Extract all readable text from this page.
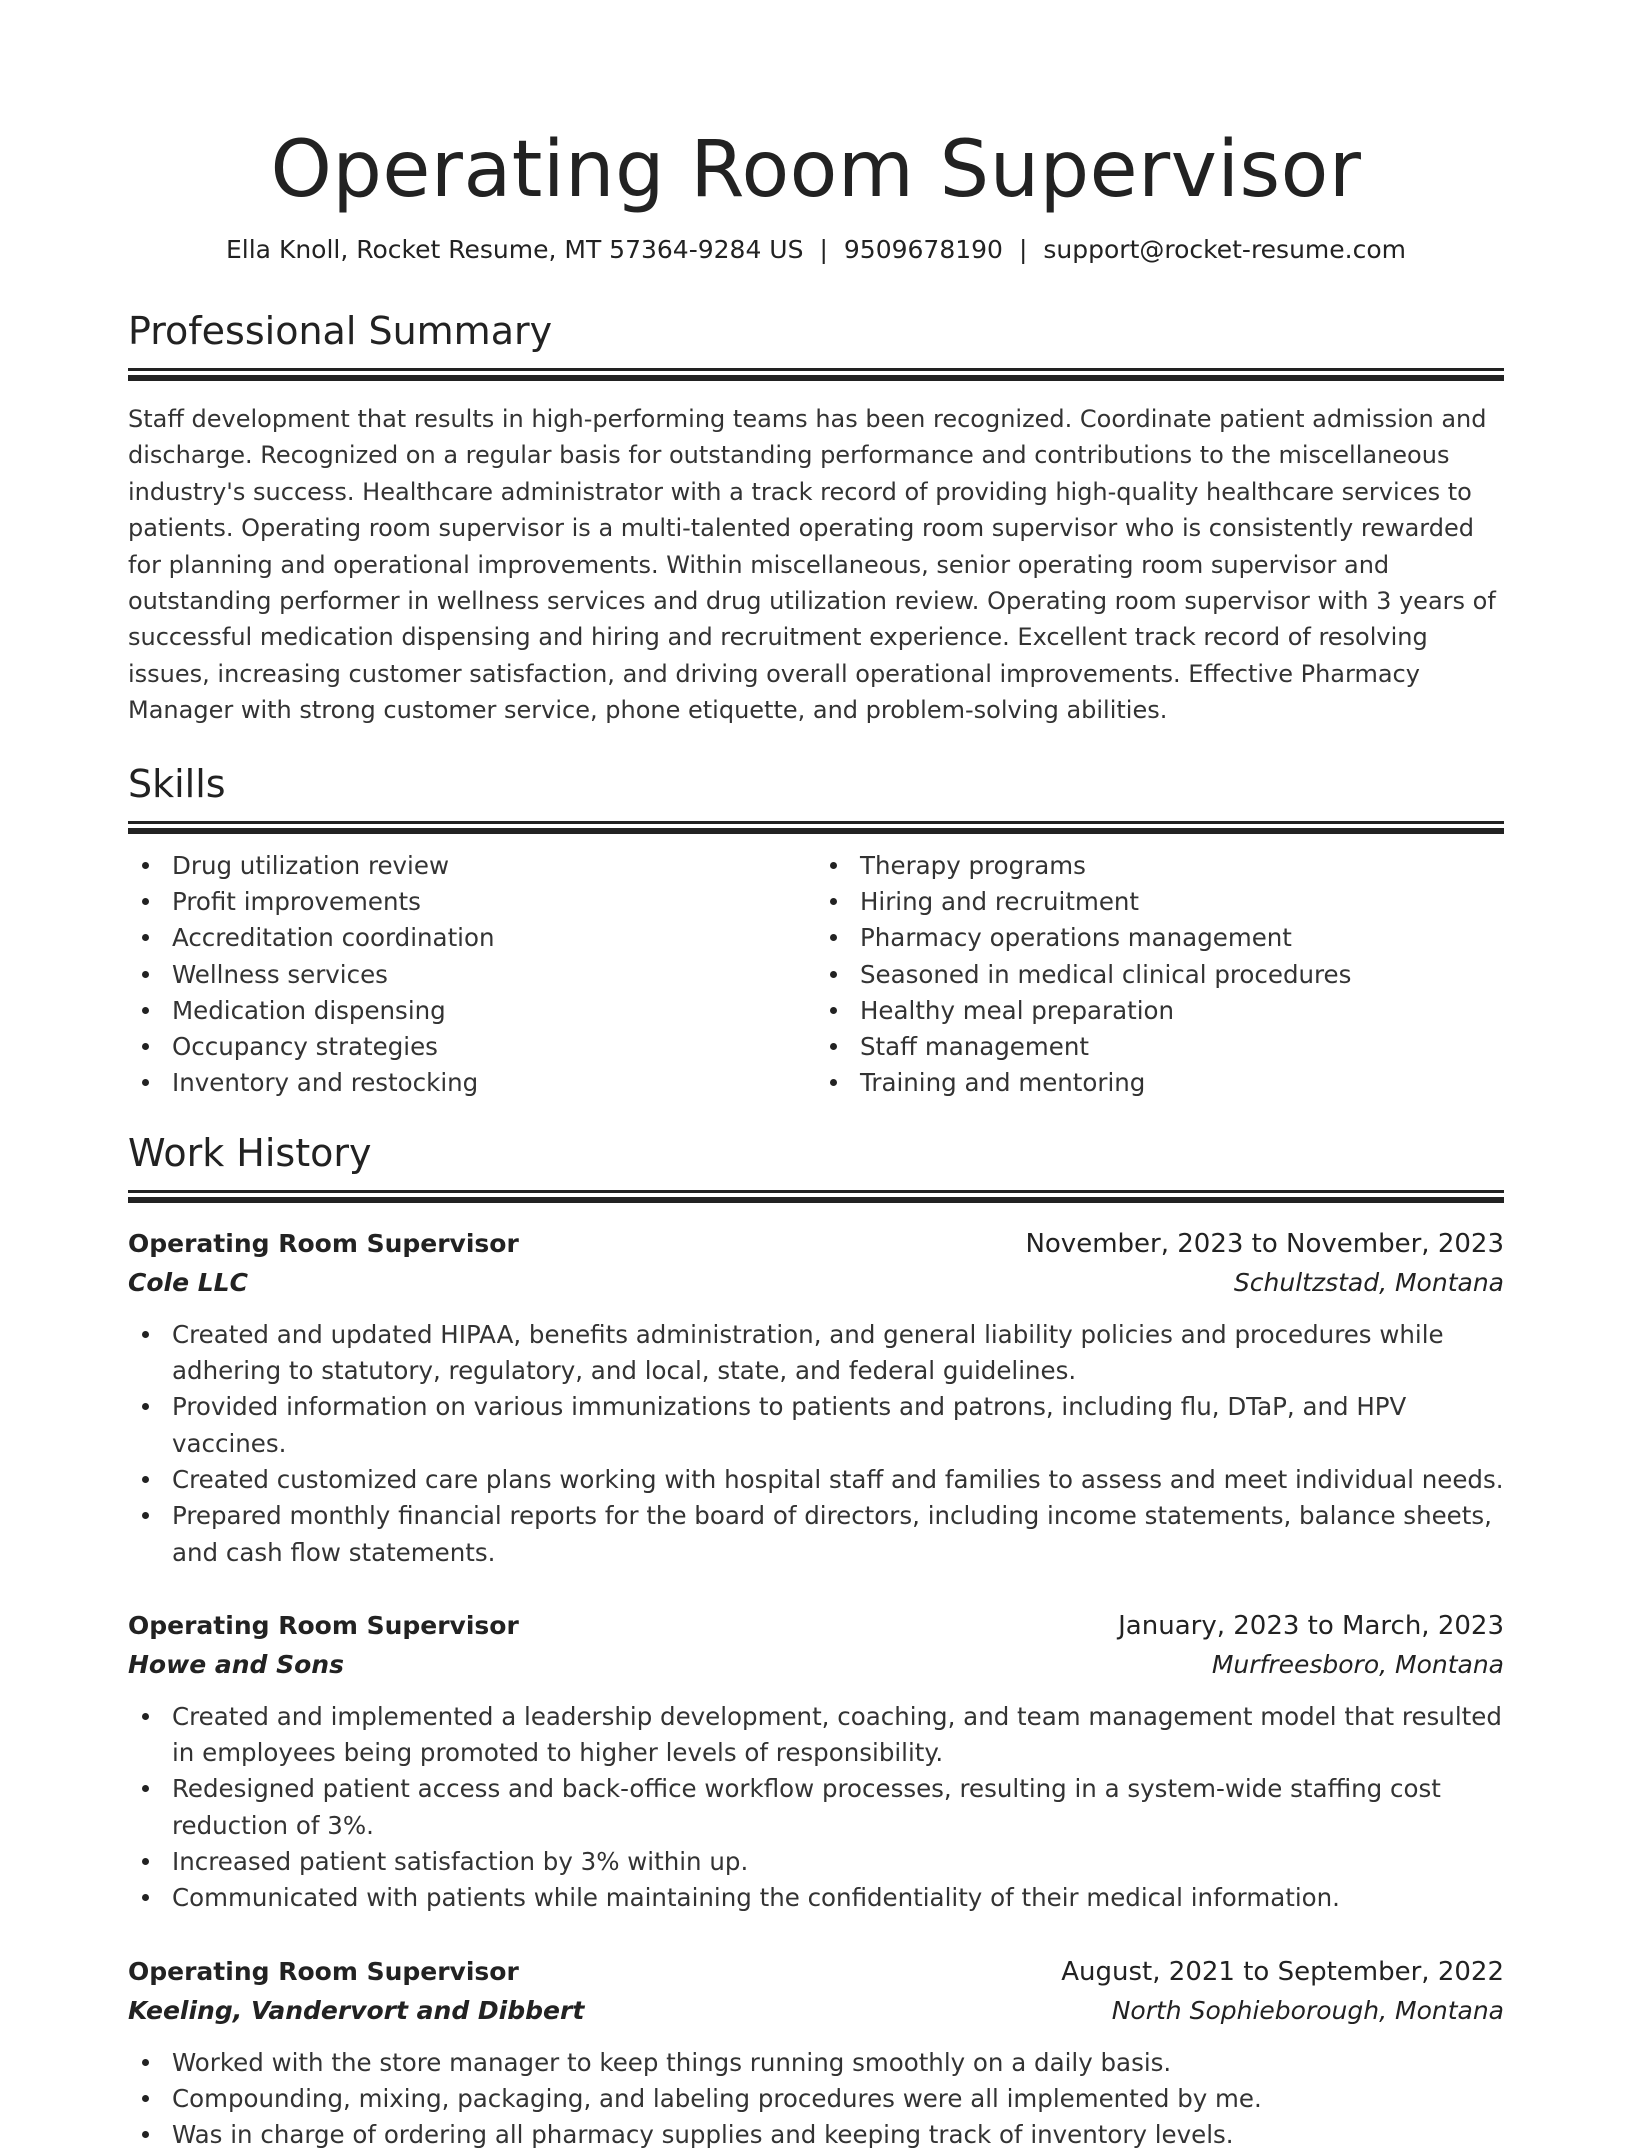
Operating Room Supervisor
Ella Knoll, Rocket Resume, MT 57364-9284 US | 9509678190 | support@rocket-resume.com
Professional Summary

Staff development that results in high-performing teams has been recognized. Coordinate patient admission and discharge. Recognized on a regular basis for outstanding performance and contributions to the miscellaneous industry's success. Healthcare administrator with a track record of providing high-quality healthcare services to patients. Operating room supervisor is a multi-talented operating room supervisor who is consistently rewarded for planning and operational improvements. Within miscellaneous, senior operating room supervisor and outstanding performer in wellness services and drug utilization review. Operating room supervisor with 3 years of successful medication dispensing and hiring and recruitment experience. Excellent track record of resolving issues, increasing customer satisfaction, and driving overall operational improvements. Effective Pharmacy Manager with strong customer service, phone etiquette, and problem-solving abilities.

Skills
Drug utilization review
Profit improvements
Accreditation coordination
Wellness services
Medication dispensing
Occupancy strategies
Inventory and restocking
Therapy programs
Hiring and recruitment
Pharmacy operations management
Seasoned in medical clinical procedures
Healthy meal preparation
Staff management
Training and mentoring
Work History
Operating Room Supervisor	November, 2023 to November, 2023
Cole LLC	Schultzstad, Montana
Created and updated HIPAA, benefits administration, and general liability policies and procedures while adhering to statutory, regulatory, and local, state, and federal guidelines.
Provided information on various immunizations to patients and patrons, including flu, DTaP, and HPV vaccines.
Created customized care plans working with hospital staff and families to assess and meet individual needs.
Prepared monthly financial reports for the board of directors, including income statements, balance sheets, and cash flow statements.
Operating Room Supervisor	January, 2023 to March, 2023
Howe and Sons	Murfreesboro, Montana
Created and implemented a leadership development, coaching, and team management model that resulted in employees being promoted to higher levels of responsibility.
Redesigned patient access and back-office workflow processes, resulting in a system-wide staffing cost reduction of 3%.
Increased patient satisfaction by 3% within up.
Communicated with patients while maintaining the confidentiality of their medical information.
Operating Room Supervisor	August, 2021 to September, 2022
Keeling, Vandervort and Dibbert	North Sophieborough, Montana
Worked with the store manager to keep things running smoothly on a daily basis.
Compounding, mixing, packaging, and labeling procedures were all implemented by me.
Was in charge of ordering all pharmacy supplies and keeping track of inventory levels.
